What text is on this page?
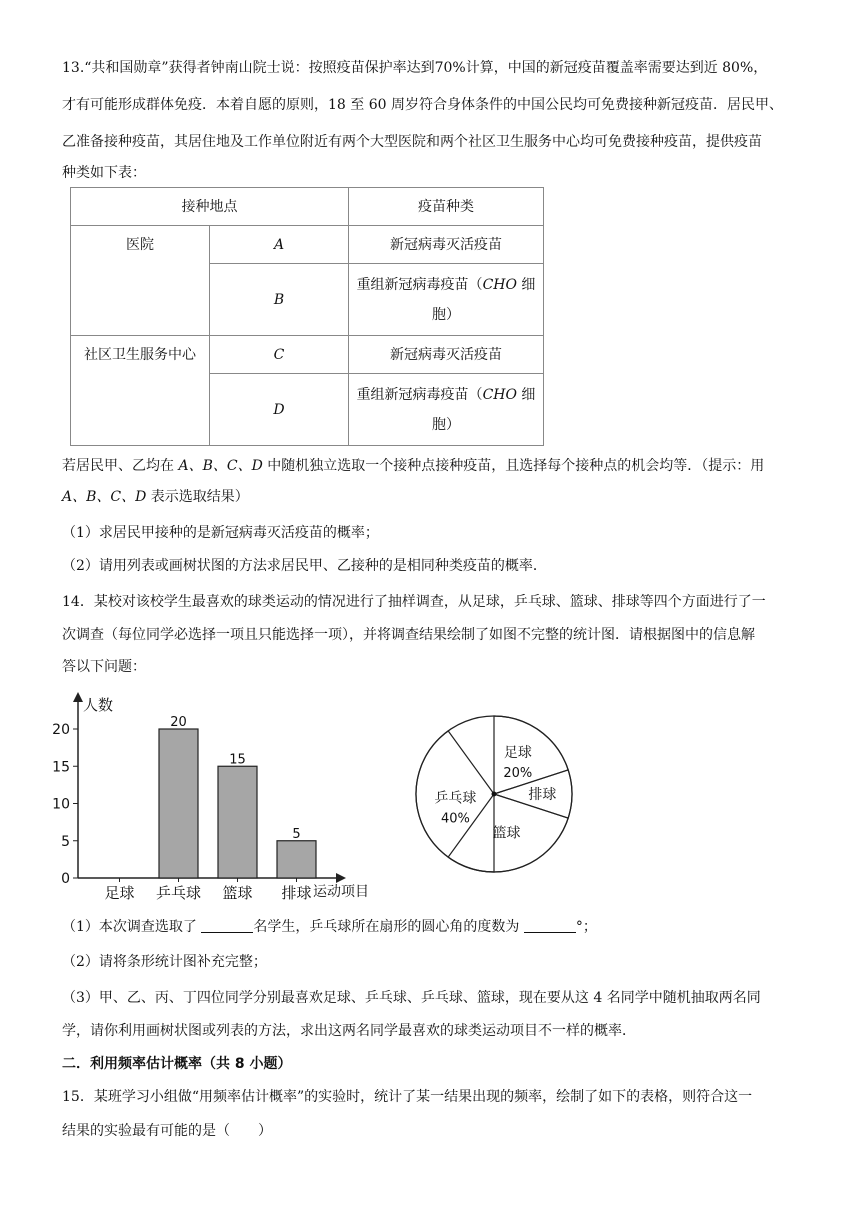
13.“共和国勋章”获得者钟南山院士说：按照疫苗保护率达到70%计算，中国的新冠疫苗覆盖率需要达到近 80%，
才有可能形成群体免疫．本着自愿的原则，18 至 60 周岁符合身体条件的中国公民均可免费接种新冠疫苗．居民甲、
乙准备接种疫苗，其居住地及工作单位附近有两个大型医院和两个社区卫生服务中心均可免费接种疫苗，提供疫苗
种类如下表：
接种地点		疫苗种类
医院	A	新冠病毒灭活疫苗
	B	重组新冠病毒疫苗（CHO 细
胞）
社区卫生服务中心	C	新冠病毒灭活疫苗
	D	重组新冠病毒疫苗（CHO 细
胞）
若居民甲、乙均在 A、B、C、D 中随机独立选取一个接种点接种疫苗，且选择每个接种点的机会均等．（提示：用
A、B、C、D 表示选取结果）
（1）求居民甲接种的是新冠病毒灭活疫苗的概率；
（2）请用列表或画树状图的方法求居民甲、乙接种的是相同种类疫苗的概率．
14．某校对该校学生最喜欢的球类运动的情况进行了抽样调查，从足球，乒乓球、篮球、排球等四个方面进行了一
次调查（每位同学必选择一项且只能选择一项），并将调查结果绘制了如图不完整的统计图．请根据图中的信息解
答以下问题：
人数
运动项目
0
5
10
15
20
足球
20
乒乓球
15
篮球
5
排球
乒乓球
40%
足球
20%
排球
篮球
（1）本次调查选取了	名学生，乒乓球所在扇形的圆心角的度数为	°；
（2）请将条形统计图补充完整；
（3）甲、乙、丙、丁四位同学分别最喜欢足球、乒乓球、乒乓球、篮球，现在要从这 4 名同学中随机抽取两名同
学，请你利用画树状图或列表的方法，求出这两名同学最喜欢的球类运动项目不一样的概率．
二．利用频率估计概率（共 8 小题）
15．某班学习小组做“用频率估计概率”的实验时，统计了某一结果出现的频率，绘制了如下的表格，则符合这一
结果的实验最有可能的是（　　）
